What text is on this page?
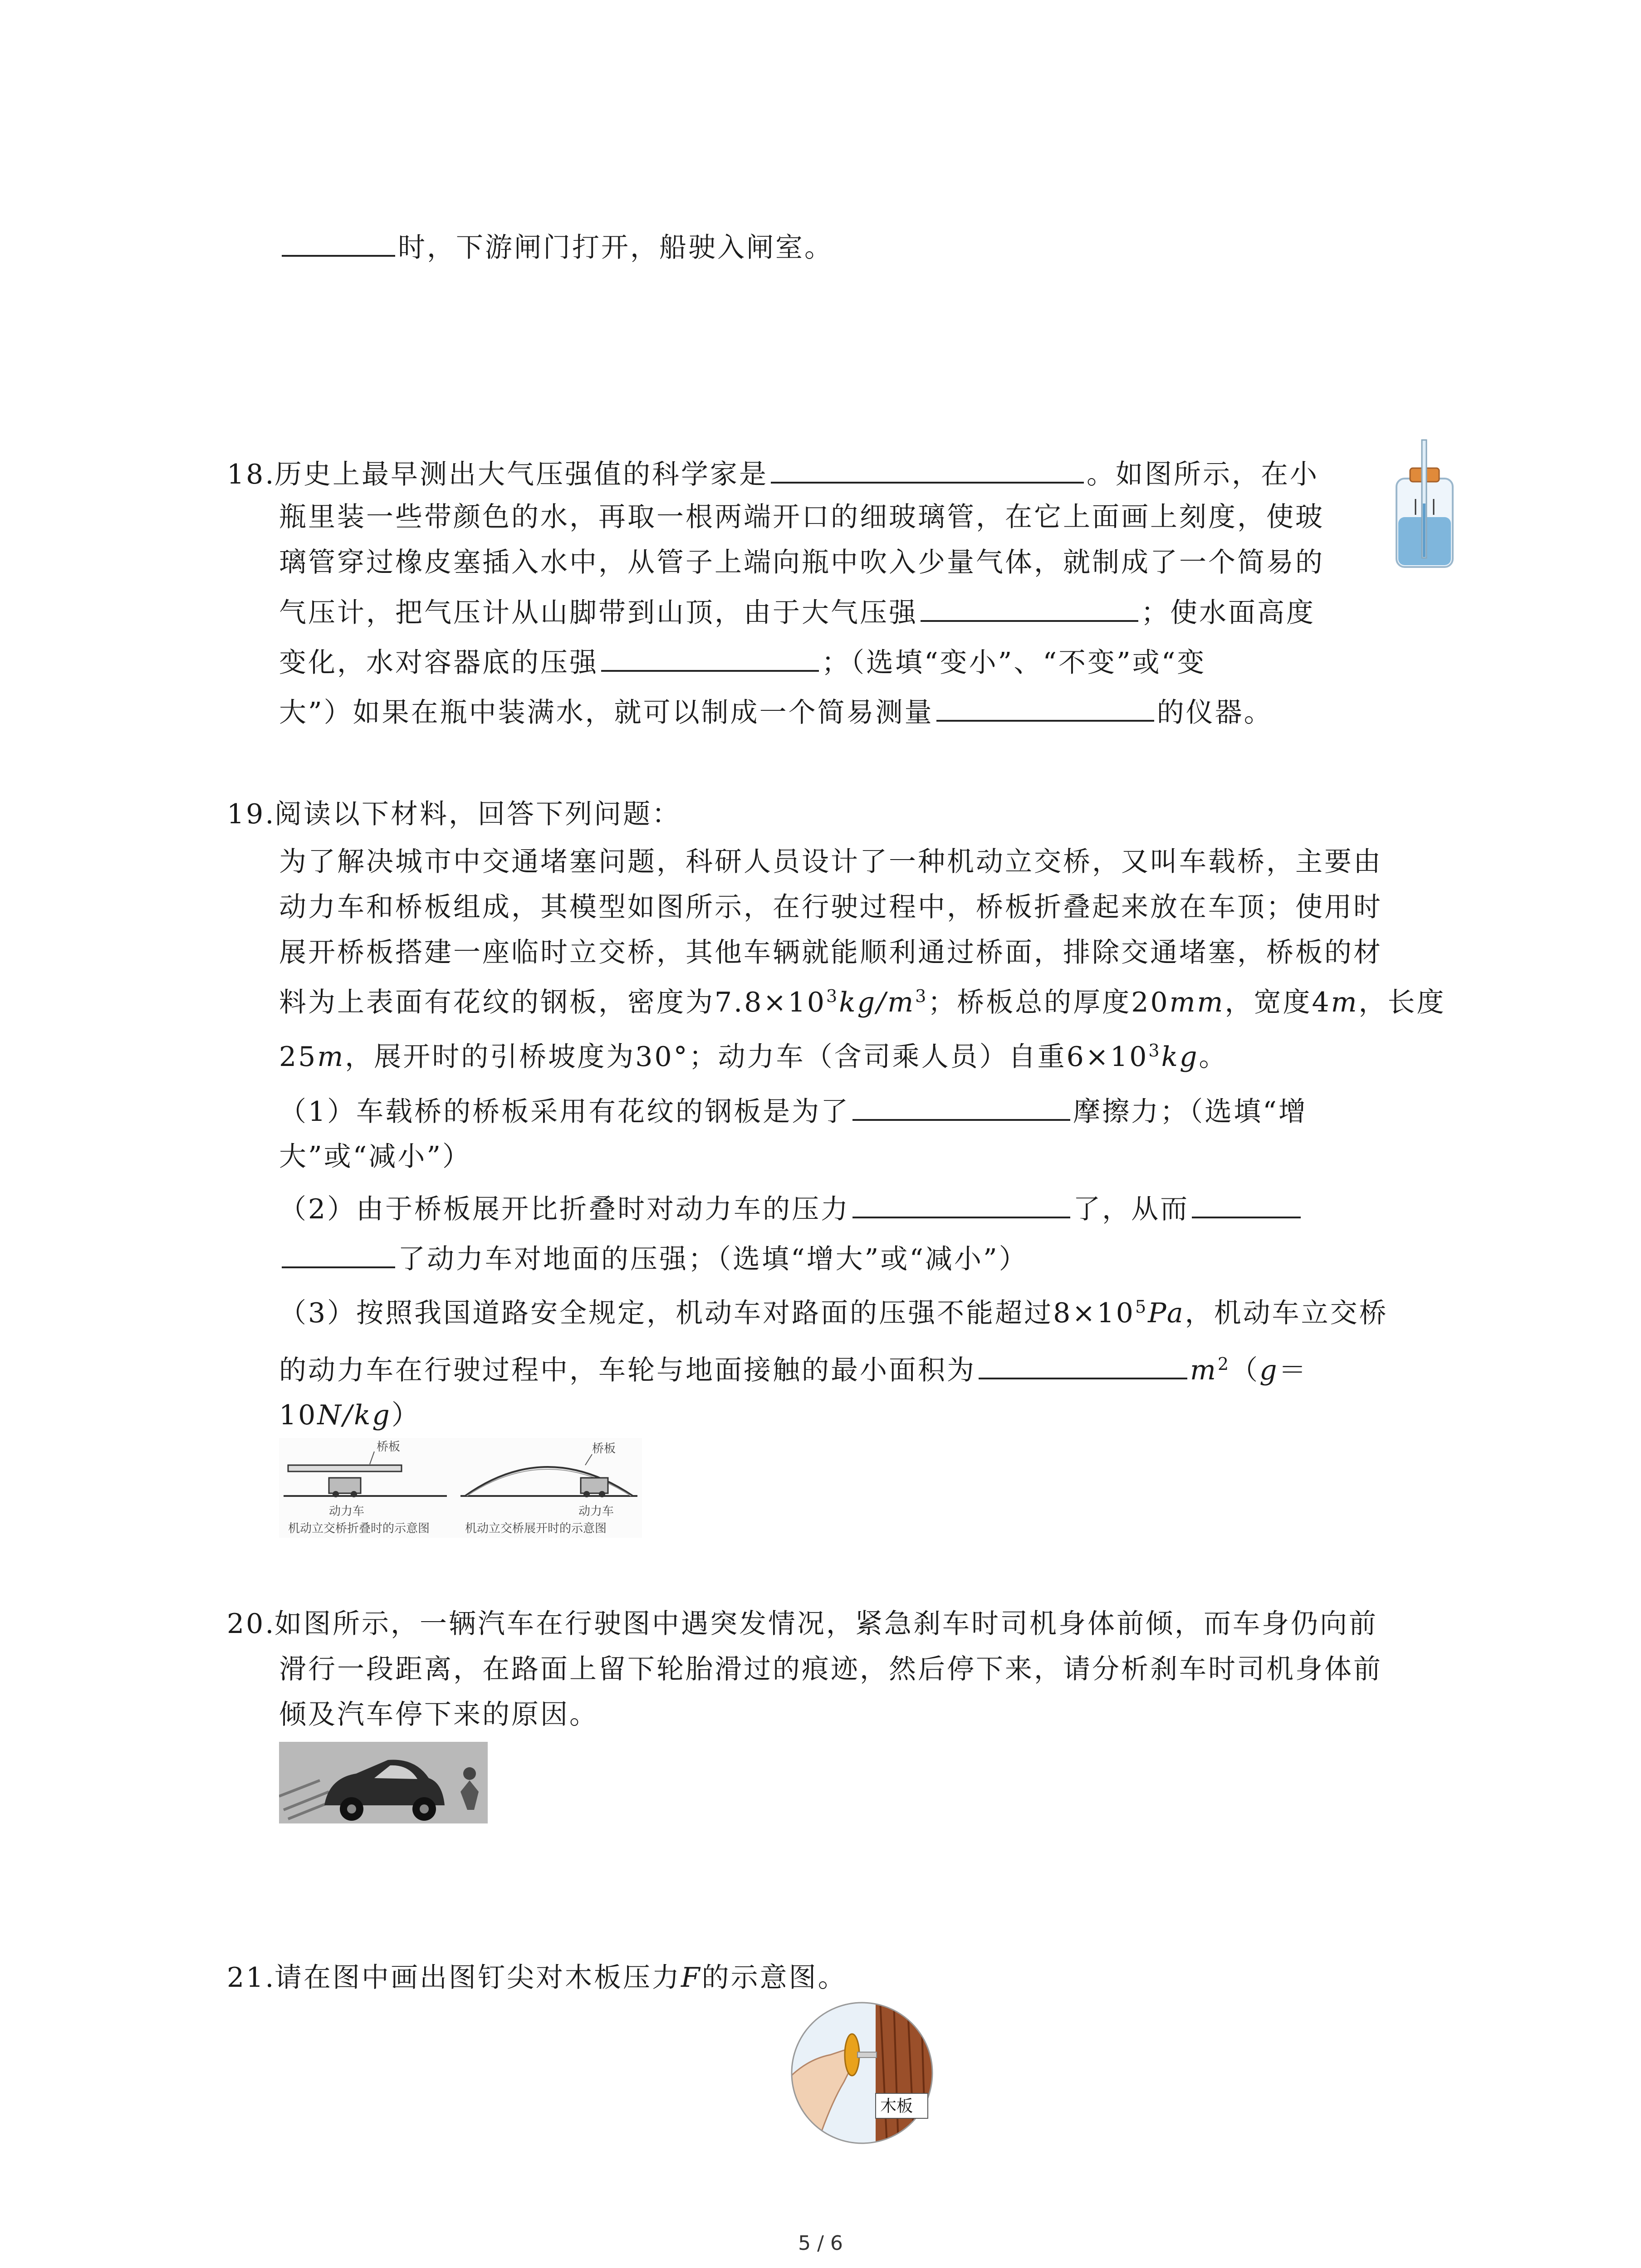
时，下游闸门打开，船驶入闸室。
18.历史上最早测出大气压强值的科学家是	。如图所示，在小
瓶里装一些带颜色的水，再取一根两端开口的细玻璃管，在它上面画上刻度，使玻
璃管穿过橡皮塞插入水中，从管子上端向瓶中吹入少量气体，就制成了一个简易的
气压计，把气压计从山脚带到山顶，由于大气压强	；使水面高度
变化，水对容器底的压强	；（选填“变小”、“不变”或“变
大”）如果在瓶中装满水，就可以制成一个简易测量	的仪器。
19.阅读以下材料，回答下列问题：
为了解决城市中交通堵塞问题，科研人员设计了一种机动立交桥，又叫车载桥，主要由
动力车和桥板组成，其模型如图所示，在行驶过程中，桥板折叠起来放在车顶；使用时
展开桥板搭建一座临时立交桥，其他车辆就能顺利通过桥面，排除交通堵塞，桥板的材
料为上表面有花纹的钢板，密度为$7.8\times 10^3kg/m^3$；桥板总的厚度20mm，宽度4m，长度
25m，展开时的引桥坡度为30°；动力车（含司乘人员）自重$6\times 10^3kg$。
（1）车载桥的桥板采用有花纹的钢板是为了	摩擦力；（选填“增
大”或“减小”）
（2）由于桥板展开比折叠时对动力车的压力	了，从而
了动力车对地面的压强；（选填“增大”或“减小”）
（3）按照我国道路安全规定，机动车对路面的压强不能超过$8\times 10^5Pa$，机动车立交桥
的动力车在行驶过程中，车轮与地面接触的最小面积为	$m^2(g=$
10N/kg）
桥板
动力车
机动立交桥折叠时的示意图
桥板
动力车
机动立交桥展开时的示意图
20.如图所示，一辆汽车在行驶图中遇突发情况，紧急刹车时司机身体前倾，而车身仍向前
滑行一段距离，在路面上留下轮胎滑过的痕迹，然后停下来，请分析刹车时司机身体前
倾及汽车停下来的原因。
21.请在图中画出图钉尖对木板压力F的示意图。
木板
5 / 6
